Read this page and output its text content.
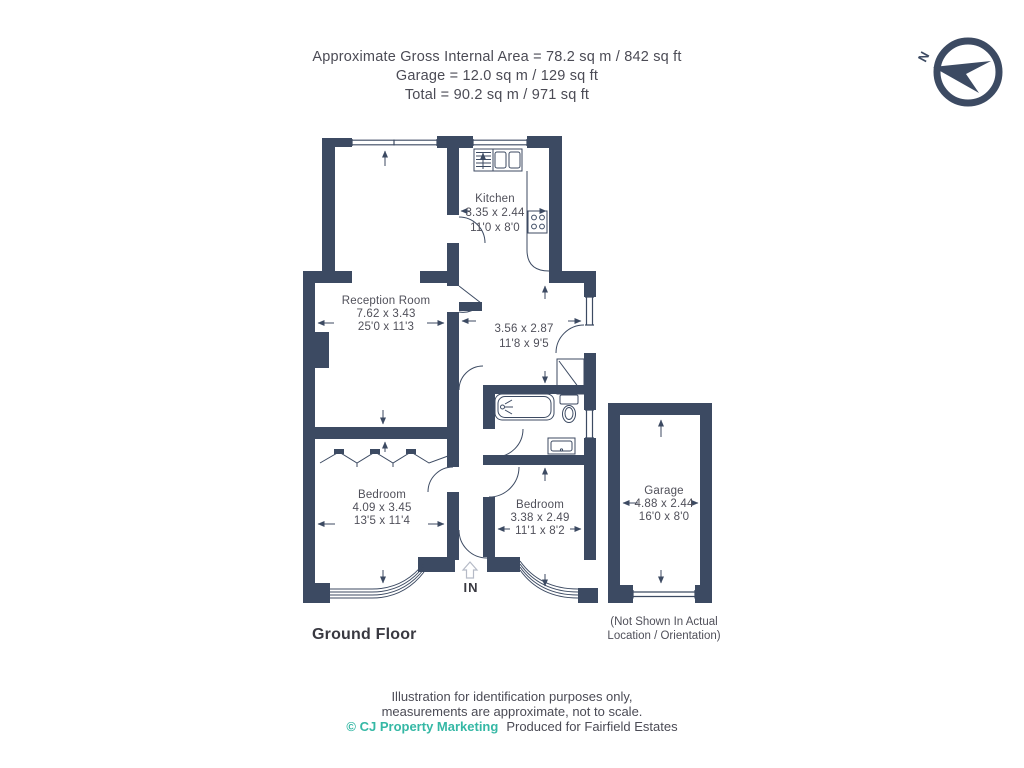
Approximate Gross Internal Area = 78.2 sq m / 842 sq ft
Garage = 12.0 sq m / 129 sq ft
Total = 90.2 sq m / 971 sq ft
N
Kitchen
3.35 x 2.44
11'0 x 8'0
Reception Room
7.62 x 3.43
25'0 x 11'3	3.56 x 2.87
11'8 x 9'5
Bedroom
4.09 x 3.45
13'5 x 11'4
Bedroom
3.38 x 2.49
11'1 x 8'2
Garage
4.88 x 2.44
16'0 x 8'0
IN
Ground Floor
(Not Shown In Actual
Location / Orientation)
Illustration for identification purposes only,
measurements are approximate, not to scale.
© CJ Property Marketing Produced for Fairfield Estates
